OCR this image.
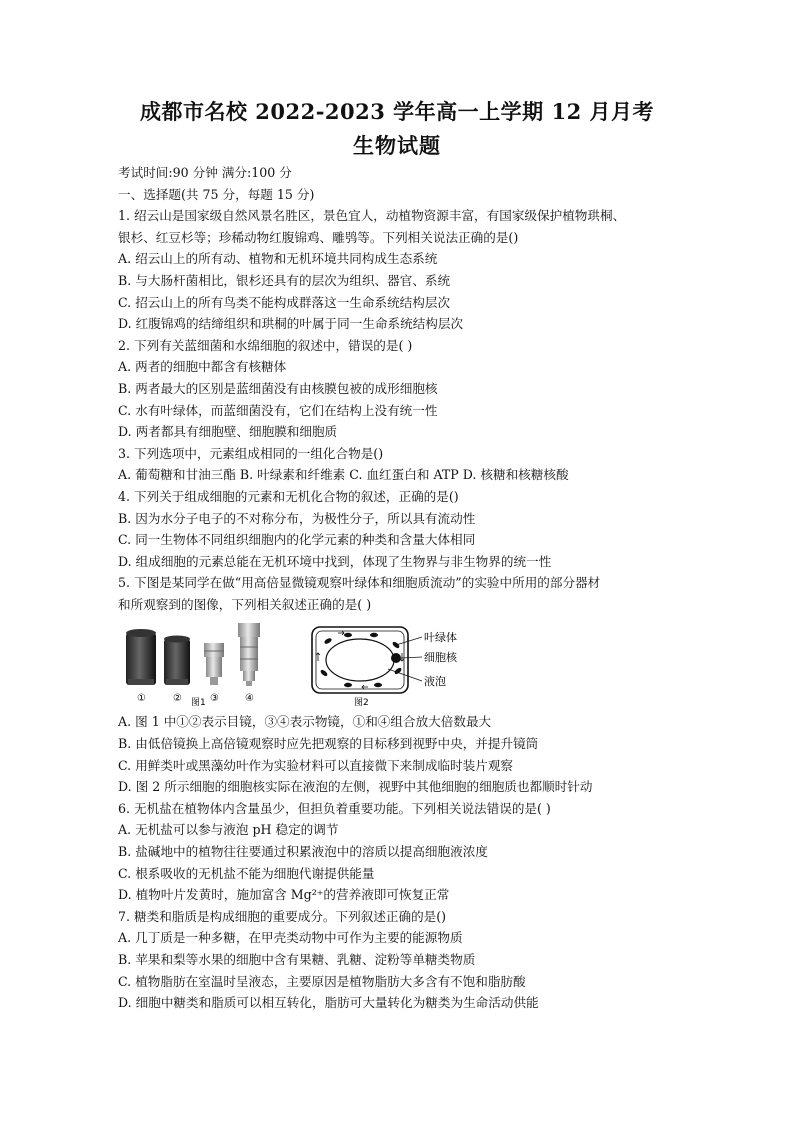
成都市名校 2022-2023 学年高一上学期 12 月月考
生物试题
考试时间:90 分钟 满分:100 分
一、选择题(共 75 分，每题 15 分)
1. 绍云山是国家级自然风景名胜区，景色宜人，动植物资源丰富，有国家级保护植物珙桐、
银杉、红豆杉等；珍稀动物红腹锦鸡、雕鸮等。下列相关说法正确的是()
A. 绍云山上的所有动、植物和无机环境共同构成生态系统
B. 与大肠杆菌相比，银杉还具有的层次为组织、器官、系统
C. 招云山上的所有鸟类不能构成群落这一生命系统结构层次
D. 红腹锦鸡的结缔组织和珙桐的叶属于同一生命系统结构层次
2. 下列有关蓝细菌和水绵细胞的叙述中，错误的是( )
A. 两者的细胞中都含有核糖体
B. 两者最大的区别是蓝细菌没有由核膜包被的成形细胞核
C. 水有叶绿体，而蓝细菌没有，它们在结构上没有统一性
D. 两者都具有细胞壁、细胞膜和细胞质
3. 下列选项中，元素组成相同的一组化合物是()
A. 葡萄糖和甘油三酯 B. 叶绿素和纤维素 C. 血红蛋白和 ATP D. 核糖和核糖核酸
4. 下列关于组成细胞的元素和无机化合物的叙述，正确的是()
B. 因为水分子电子的不对称分布，为极性分子，所以具有流动性
C. 同一生物体不同组织细胞内的化学元素的种类和含量大体相同
D. 组成细胞的元素总能在无机环境中找到，体现了生物界与非生物界的统一性
5. 下图是某同学在做“用高倍显微镜观察叶绿体和细胞质流动”的实验中所用的部分器材
和所观察到的图像，下列相关叙述正确的是( )
①	② 图1 ③	④
叶绿体
细胞核
液泡
图2
A. 图 1 中①②表示目镜，③④表示物镜，①和④组合放大倍数最大
B. 由低倍镜换上高倍镜观察时应先把观察的目标移到视野中央，并提升镜筒
C. 用鲜类叶或黑藻幼叶作为实验材料可以直接微下来制成临时装片观察
D. 图 2 所示细胞的细胞核实际在液泡的左侧，视野中其他细胞的细胞质也都顺时针动
6. 无机盐在植物体内含量虽少，但担负着重要功能。下列相关说法错误的是( )
A. 无机盐可以参与液泡 pH 稳定的调节
B. 盐碱地中的植物往往要通过积累液泡中的溶质以提高细胞液浓度
C. 根系吸收的无机盐不能为细胞代谢提供能量
D. 植物叶片发黄时，施加富含 Mg²⁺的营养液即可恢复正常
7. 糖类和脂质是构成细胞的重要成分。下列叙述正确的是()
A. 几丁质是一种多糖，在甲壳类动物中可作为主要的能源物质
B. 苹果和梨等水果的细胞中含有果糖、乳糖、淀粉等单糖类物质
C. 植物脂肪在室温时呈液态，主要原因是植物脂肪大多含有不饱和脂肪酸
D. 细胞中糖类和脂质可以相互转化，脂肪可大量转化为糖类为生命活动供能
